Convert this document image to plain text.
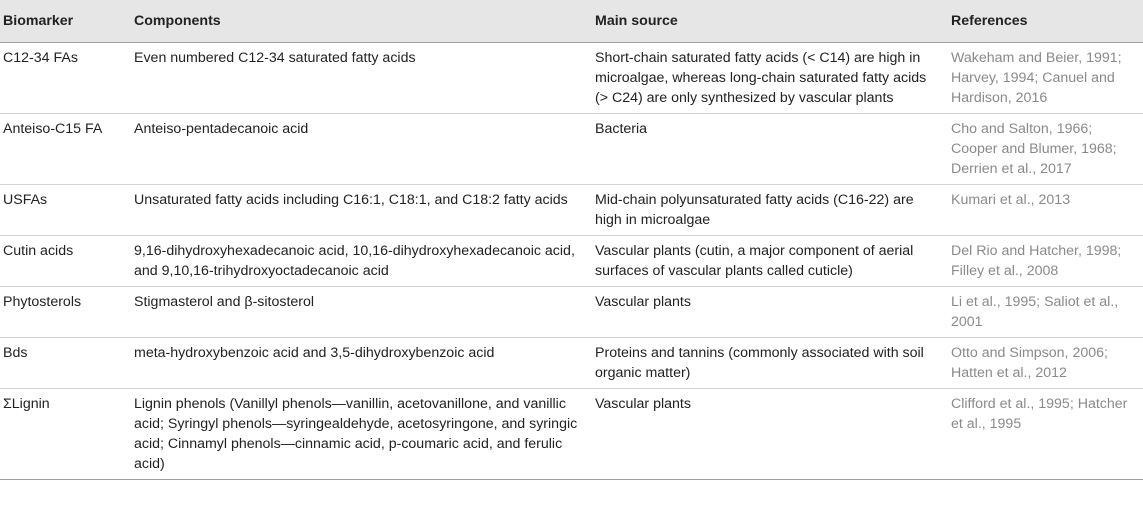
Biomarker	Components	Main source	References
C12-34 FAs	Even numbered C12-34 saturated fatty acids	Short-chain saturated fatty acids (< C14) are high in microalgae, whereas long-chain saturated fatty acids (> C24) are only synthesized by vascular plants	Wakeham and Beier, 1991; Harvey, 1994; Canuel and Hardison, 2016
Anteiso-C15 FA	Anteiso-pentadecanoic acid	Bacteria	Cho and Salton, 1966; Cooper and Blumer, 1968; Derrien et al., 2017
USFAs	Unsaturated fatty acids including C16:1, C18:1, and C18:2 fatty acids	Mid-chain polyunsaturated fatty acids (C16-22) are high in microalgae	Kumari et al., 2013
Cutin acids	9,16-dihydroxyhexadecanoic acid, 10,16-dihydroxyhexadecanoic acid, and 9,10,16-trihydroxyoctadecanoic acid	Vascular plants (cutin, a major component of aerial surfaces of vascular plants called cuticle)	Del Rio and Hatcher, 1998; Filley et al., 2008
Phytosterols	Stigmasterol and β-sitosterol	Vascular plants	Li et al., 1995; Saliot et al., 2001
Bds	meta-hydroxybenzoic acid and 3,5-dihydroxybenzoic acid	Proteins and tannins (commonly associated with soil organic matter)	Otto and Simpson, 2006; Hatten et al., 2012
ΣLignin	Lignin phenols (Vanillyl phenols—vanillin, acetovanillone, and vanillic acid; Syringyl phenols—syringealdehyde, acetosyringone, and syringic acid; Cinnamyl phenols—cinnamic acid, p-coumaric acid, and ferulic acid)	Vascular plants	Clifford et al., 1995; Hatcher et al., 1995
